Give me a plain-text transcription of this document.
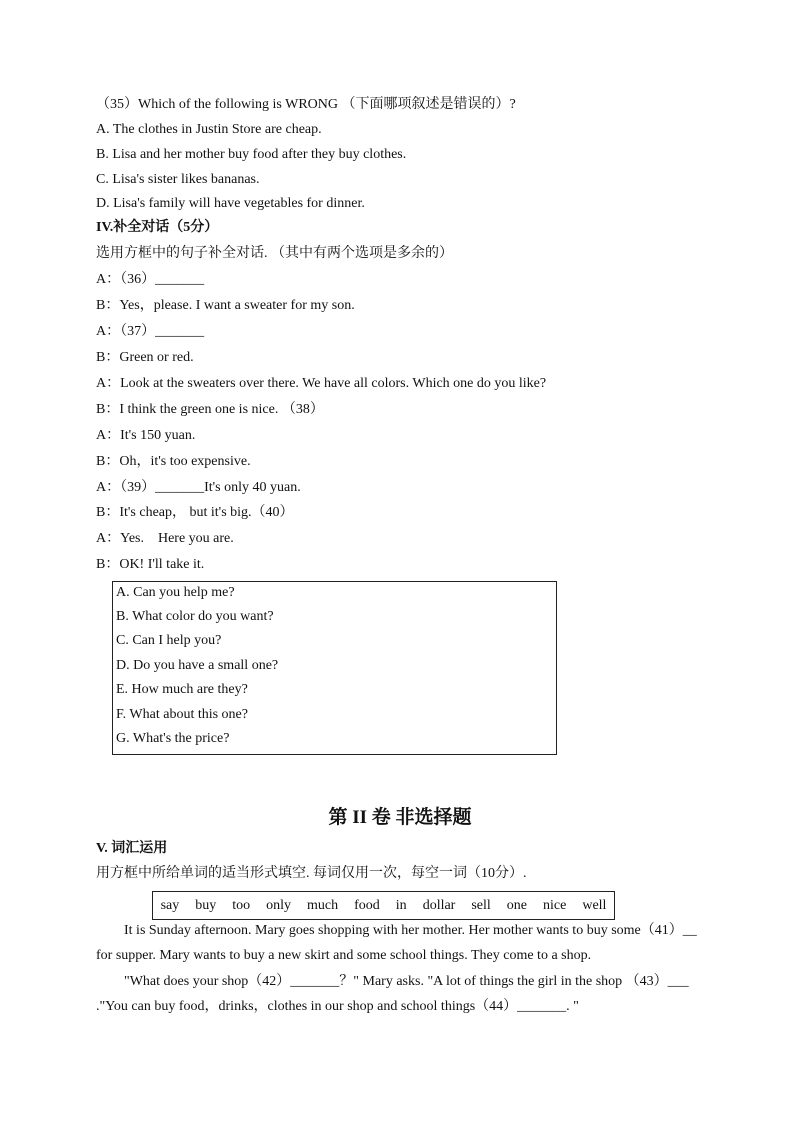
（35）Which of the following is WRONG （下面哪项叙述是错误的）?
A. The clothes in Justin Store are cheap.
B. Lisa and her mother buy food after they buy clothes.
C. Lisa's sister likes bananas.
D. Lisa's family will have vegetables for dinner.
IV.补全对话（5分）
选用方框中的句子补全对话. （其中有两个选项是多余的）
A：（36）_______
B：Yes，please. I want a sweater for my son.
A：（37）_______
B：Green or red.
A：Look at the sweaters over there. We have all colors. Which one do you like?
B：I think the green one is nice. （38）
A：It's 150 yuan.
B：Oh，it's too expensive.
A：（39）_______It's only 40 yuan.
B：It's cheap， but it's big.（40）
A：Yes.　Here you are.
B：OK! I'll take it.
A. Can you help me?
B. What color do you want?
C. Can I help you?
D. Do you have a small one?
E. How much are they?
F. What about this one?
G. What's the price?
第 II 卷 非选择题
V. 词汇运用
用方框中所给单词的适当形式填空. 每词仅用一次，每空一词（10分）.
say buy too only much food in dollar sell one nice well
　　It is Sunday afternoon. Mary goes shopping with her mother. Her mother wants to buy some（41）__
for supper. Mary wants to buy a new skirt and some school things. They come to a shop.
　　"What does your shop（42）_______？" Mary asks. "A lot of things the girl in the shop （43）___
."You can buy food，drinks，clothes in our shop and school things（44）_______. "
